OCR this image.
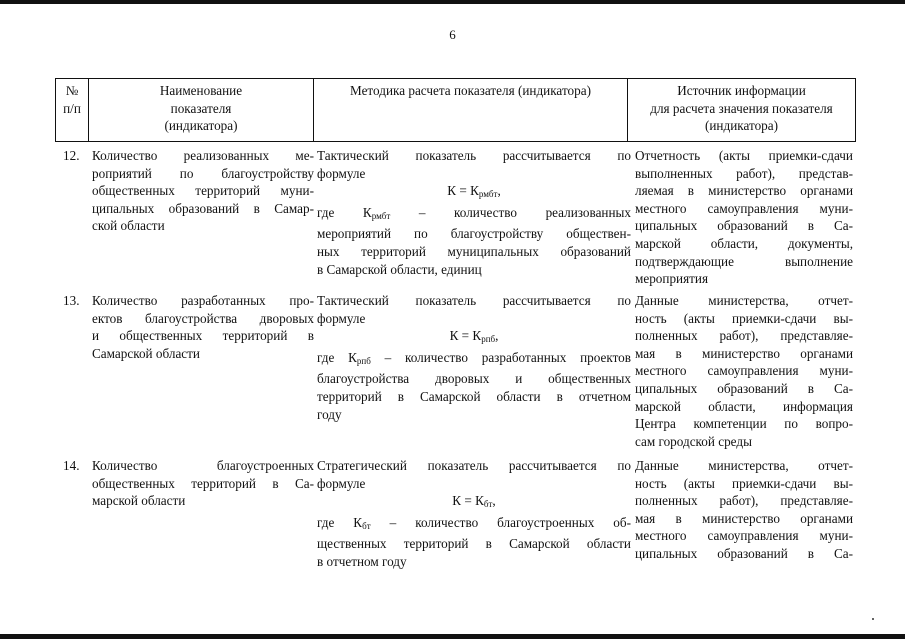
6
№
п/п
Наименование
показателя
(индикатора)
Методика расчета показателя (индикатора)	Источник информации
для расчета значения показателя
(индикатора)
12. Количество реализованных ме-
роприятий по благоустройству
общественных территорий муни-
ципальных образований в Самар-
ской области
Тактический показатель рассчитывается по
формуле
$К = К_{рмбт}$,
где $К_{рмбт}$ – количество реализованных
мероприятий по благоустройству обществен-
ных территорий муниципальных образований
в Самарской области, единиц
Отчетность (акты приемки-сдачи
выполненных работ), представ-
ляемая в министерство органами
местного самоуправления муни-
ципальных образований в Са-
марской области, документы,
подтверждающие выполнение
мероприятия
13. Количество разработанных про-
ектов благоустройства дворовых
и общественных территорий в
Самарской области
Тактический показатель рассчитывается по
формуле
$К = К_{рпб}$,
где $К_{рпб}$ – количество разработанных проектов
благоустройства дворовых и общественных
территорий в Самарской области в отчетном
году
Данные министерства, отчет-
ность (акты приемки-сдачи вы-
полненных работ), представляе-
мая в министерство органами
местного самоуправления муни-
ципальных образований в Са-
марской области, информация
Центра компетенции по вопро-
сам городской среды
14. Количество благоустроенных
общественных территорий в Са-
марской области
Стратегический показатель рассчитывается по
формуле
$К = К_{бт}$,
где $К_{бт}$ – количество благоустроенных об-
щественных территорий в Самарской области
в отчетном году
Данные министерства, отчет-
ность (акты приемки-сдачи вы-
полненных работ), представляе-
мая в министерство органами
местного самоуправления муни-
ципальных образований в Са-
